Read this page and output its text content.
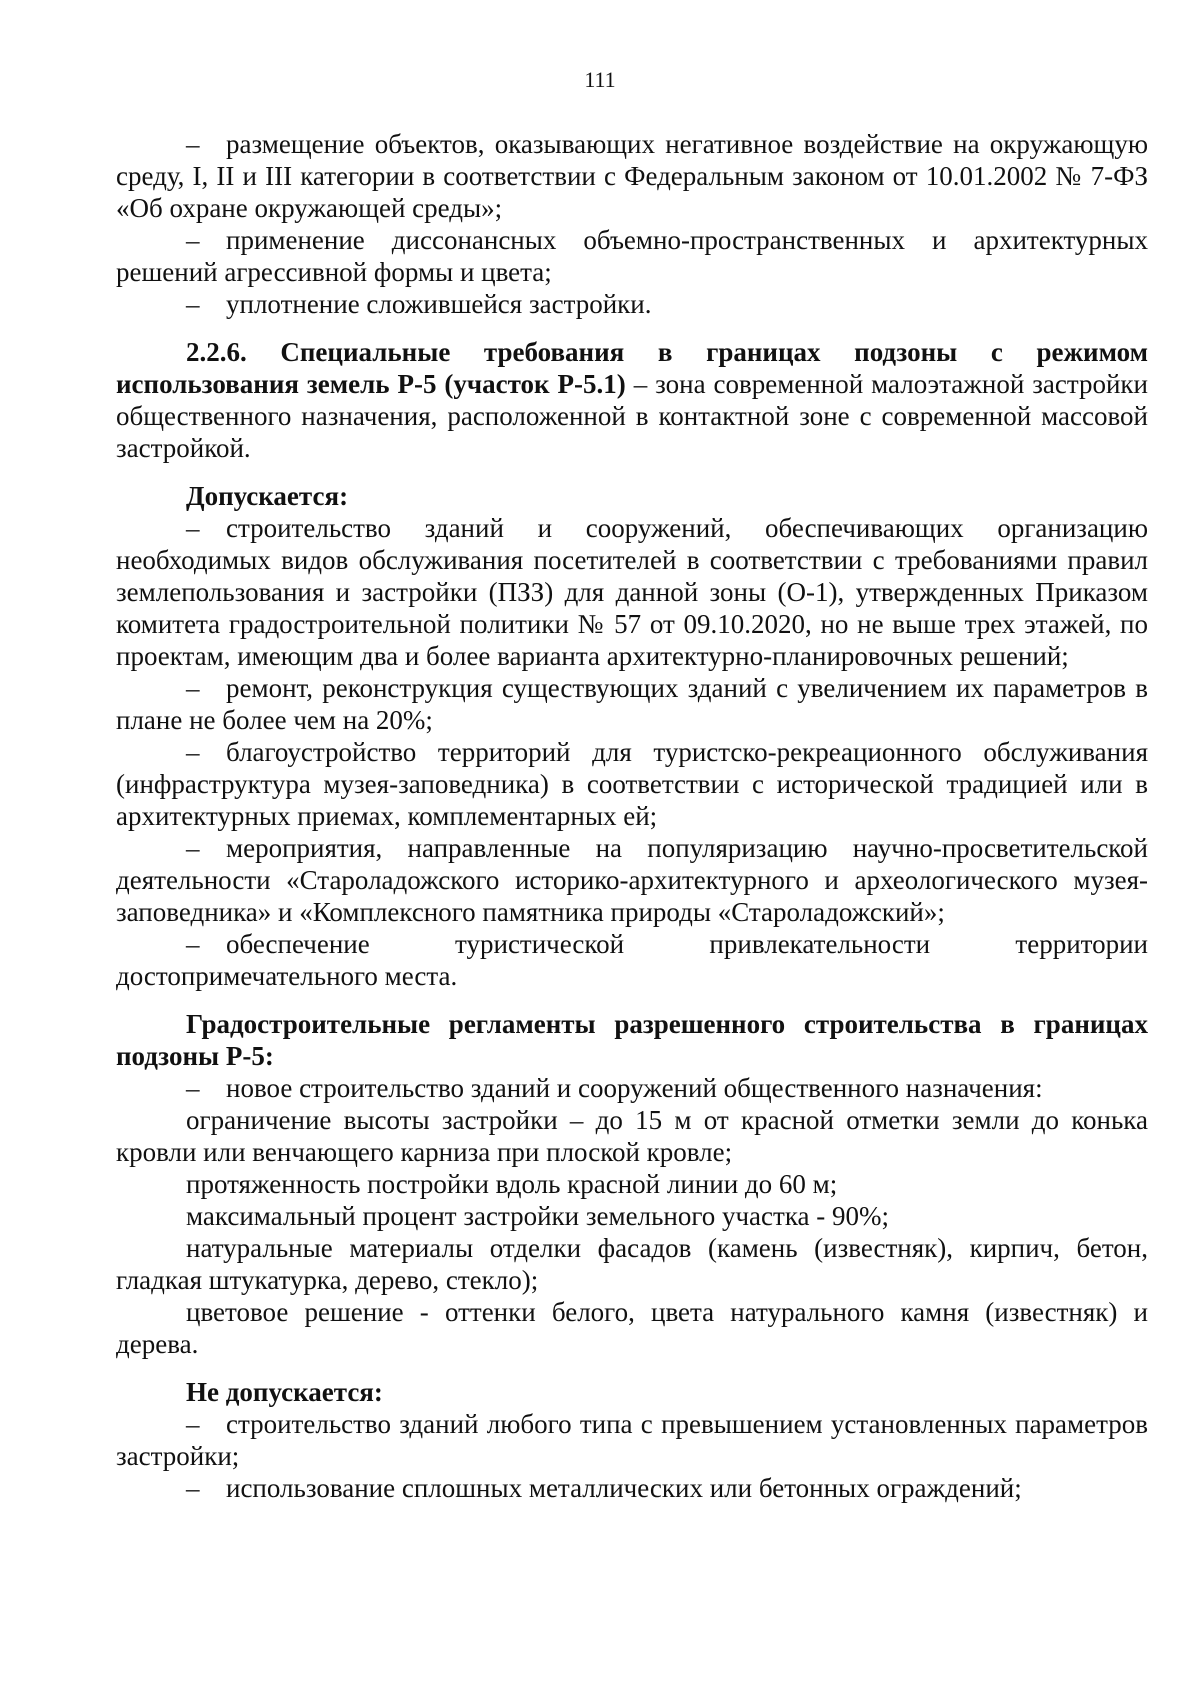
111

– размещение объектов, оказывающих негативное воздействие на окружающую среду, I, II и III категории в соответствии с Федеральным законом от 10.01.2002 № 7-ФЗ «Об охране окружающей среды»;

– применение диссонансных объемно-пространственных и архитектурных решений агрессивной формы и цвета;

– уплотнение сложившейся застройки.

2.2.6. Специальные требования в границах подзоны с режимом использования земель Р-5 (участок Р-5.1) – зона современной малоэтажной застройки общественного назначения, расположенной в контактной зоне с современной массовой застройкой.

Допускается:

– строительство зданий и сооружений, обеспечивающих организацию необходимых видов обслуживания посетителей в соответствии с требованиями правил землепользования и застройки (ПЗЗ) для данной зоны (О-1), утвержденных Приказом комитета градостроительной политики № 57 от 09.10.2020, но не выше трех этажей, по проектам, имеющим два и более варианта архитектурно-планировочных решений;

– ремонт, реконструкция существующих зданий с увеличением их параметров в плане не более чем на 20%;

– благоустройство территорий для туристско-рекреационного обслуживания (инфраструктура музея-заповедника) в соответствии с исторической традицией или в архитектурных приемах, комплементарных ей;

– мероприятия, направленные на популяризацию научно-просветительской деятельности «Староладожского историко-архитектурного и археологического музея-заповедника» и «Комплексного памятника природы «Староладожский»;

– обеспечение туристической привлекательности территории достопримечательного места.

Градостроительные регламенты разрешенного строительства в границах подзоны Р-5:

– новое строительство зданий и сооружений общественного назначения:

ограничение высоты застройки – до 15 м от красной отметки земли до конька кровли или венчающего карниза при плоской кровле;

протяженность постройки вдоль красной линии до 60 м;

максимальный процент застройки земельного участка - 90%;

натуральные материалы отделки фасадов (камень (известняк), кирпич, бетон, гладкая штукатурка, дерево, стекло);

цветовое решение - оттенки белого, цвета натурального камня (известняк) и дерева.

Не допускается:

– строительство зданий любого типа с превышением установленных параметров застройки;

– использование сплошных металлических или бетонных ограждений;
